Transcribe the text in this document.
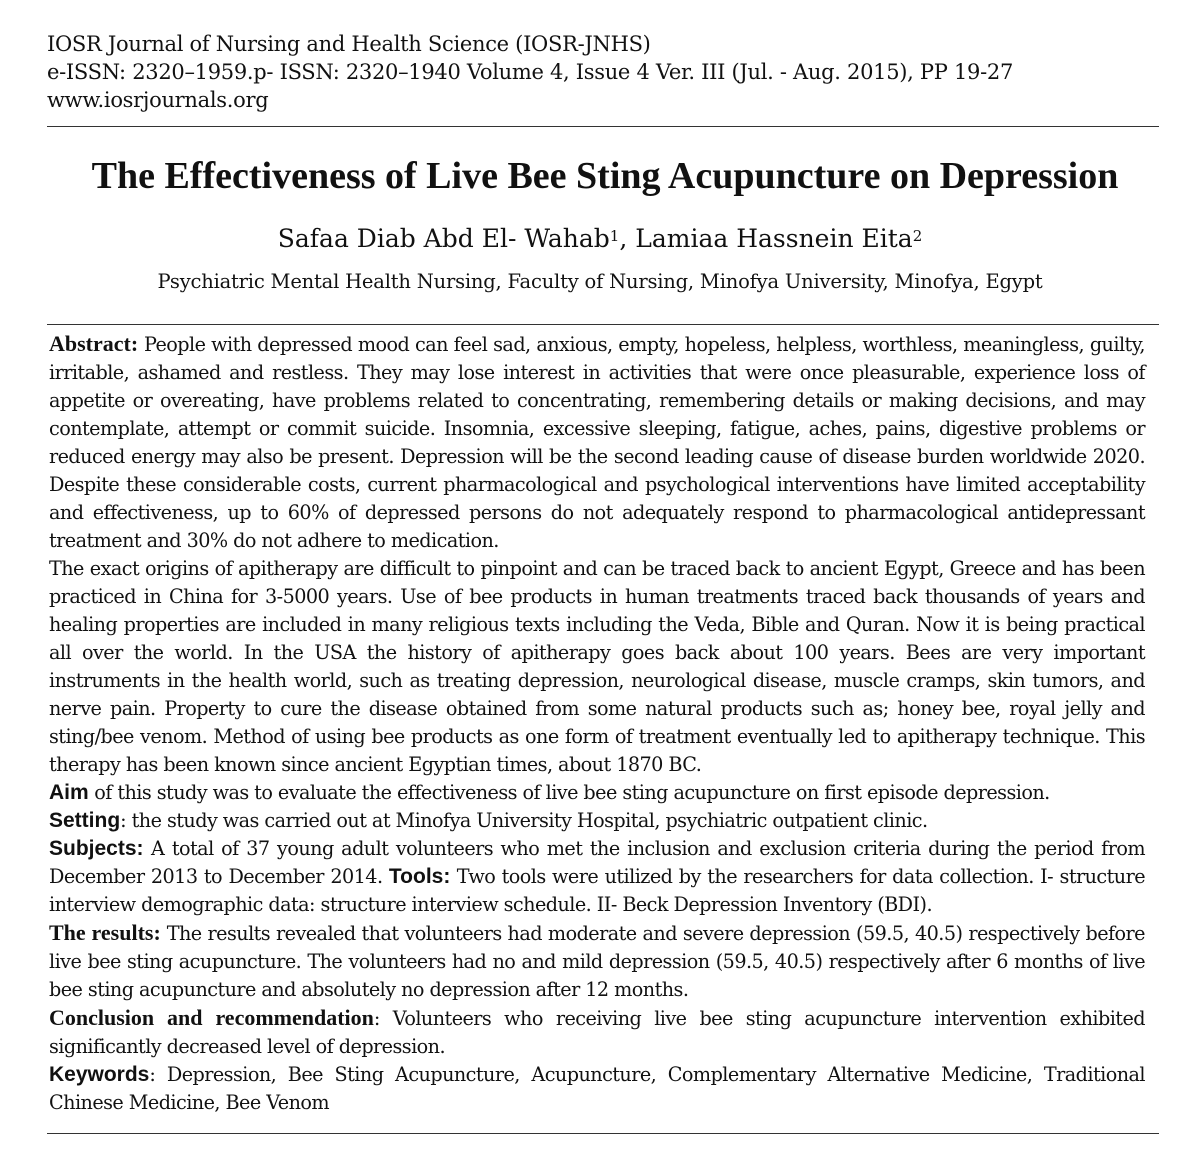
IOSR Journal of Nursing and Health Science (IOSR-JNHS)
e-ISSN: 2320–1959.p- ISSN: 2320–1940 Volume 4, Issue 4 Ver. III (Jul. - Aug. 2015), PP 19-27
www.iosrjournals.org
The Effectiveness of Live Bee Sting Acupuncture on Depression
Safaa Diab Abd El- Wahab$^1$, Lamiaa Hassnein Eita$^2$
Psychiatric Mental Health Nursing, Faculty of Nursing, Minofya University, Minofya, Egypt

Abstract: People with depressed mood can feel sad, anxious, empty, hopeless, helpless, worthless, meaningless, guilty, irritable, ashamed and restless. They may lose interest in activities that were once pleasurable, experience loss of appetite or overeating, have problems related to concentrating, remembering details or making decisions, and may contemplate, attempt or commit suicide. Insomnia, excessive sleeping, fatigue, aches, pains, digestive problems or reduced energy may also be present. Depression will be the second leading cause of disease burden worldwide 2020. Despite these considerable costs, current pharmacological and psychological interventions have limited acceptability and effectiveness, up to 60% of depressed persons do not adequately respond to pharmacological antidepressant treatment and 30% do not adhere to medication.

The exact origins of apitherapy are difficult to pinpoint and can be traced back to ancient Egypt, Greece and has been practiced in China for 3-5000 years. Use of bee products in human treatments traced back thousands of years and healing properties are included in many religious texts including the Veda, Bible and Quran. Now it is being practical all over the world. In the USA the history of apitherapy goes back about 100 years. Bees are very important instruments in the health world, such as treating depression, neurological disease, muscle cramps, skin tumors, and nerve pain. Property to cure the disease obtained from some natural products such as; honey bee, royal jelly and sting/bee venom. Method of using bee products as one form of treatment eventually led to apitherapy technique. This therapy has been known since ancient Egyptian times, about 1870 BC.

Aim of this study was to evaluate the effectiveness of live bee sting acupuncture on first episode depression.

Setting: the study was carried out at Minofya University Hospital, psychiatric outpatient clinic.

Subjects: A total of 37 young adult volunteers who met the inclusion and exclusion criteria during the period from December 2013 to December 2014. Tools: Two tools were utilized by the researchers for data collection. I- structure interview demographic data: structure interview schedule. II- Beck Depression Inventory (BDI).

The results: The results revealed that volunteers had moderate and severe depression (59.5, 40.5) respectively before live bee sting acupuncture. The volunteers had no and mild depression (59.5, 40.5) respectively after 6 months of live bee sting acupuncture and absolutely no depression after 12 months.

Conclusion and recommendation: Volunteers who receiving live bee sting acupuncture intervention exhibited significantly decreased level of depression.

Keywords: Depression, Bee Sting Acupuncture, Acupuncture, Complementary Alternative Medicine, Traditional Chinese Medicine, Bee Venom
